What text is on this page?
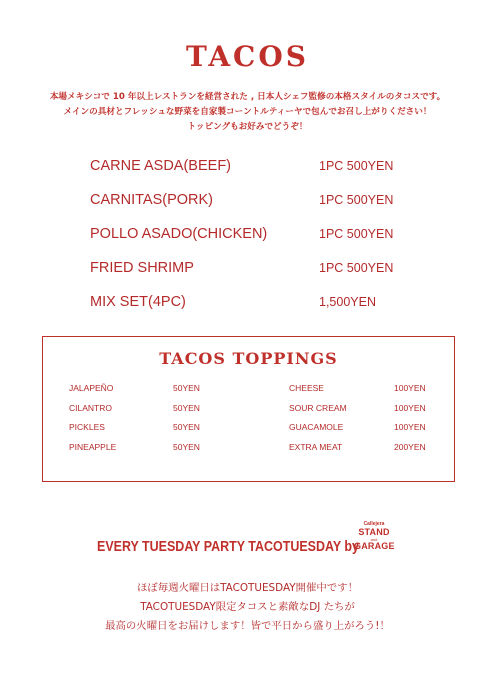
TACOS
本場メキシコで 10 年以上レストランを経営された , 日本人シェフ監修の本格スタイルのタコスです。
メインの具材とフレッシュな野菜を自家製コーントルティーヤで包んでお召し上がりください！
トッピングもお好みでどうぞ！
CARNE ASDA(BEEF)	1PC 500YEN
CARNITAS(PORK)	1PC 500YEN
POLLO ASADO(CHICKEN)	1PC 500YEN
FRIED SHRIMP	1PC 500YEN
MIX SET(4PC)	1,500YEN
TACOS TOPPINGS
JALAPEÑO	50YEN
CILANTRO	50YEN
PICKLES	50YEN
PINEAPPLE	50YEN
CHEESE	100YEN
SOUR CREAM	100YEN
GUACAMOLE	100YEN
EXTRA MEAT	200YEN
EVERY TUESDAY PARTY TACOTUESDAY by
Callejera
STAND
and
GARAGE
ほぼ毎週火曜日はTACOTUESDAY開催中です！
TACOTUESDAY限定タコスと素敵なDJ たちが
最高の火曜日をお届けします！皆で平日から盛り上がろう!！
